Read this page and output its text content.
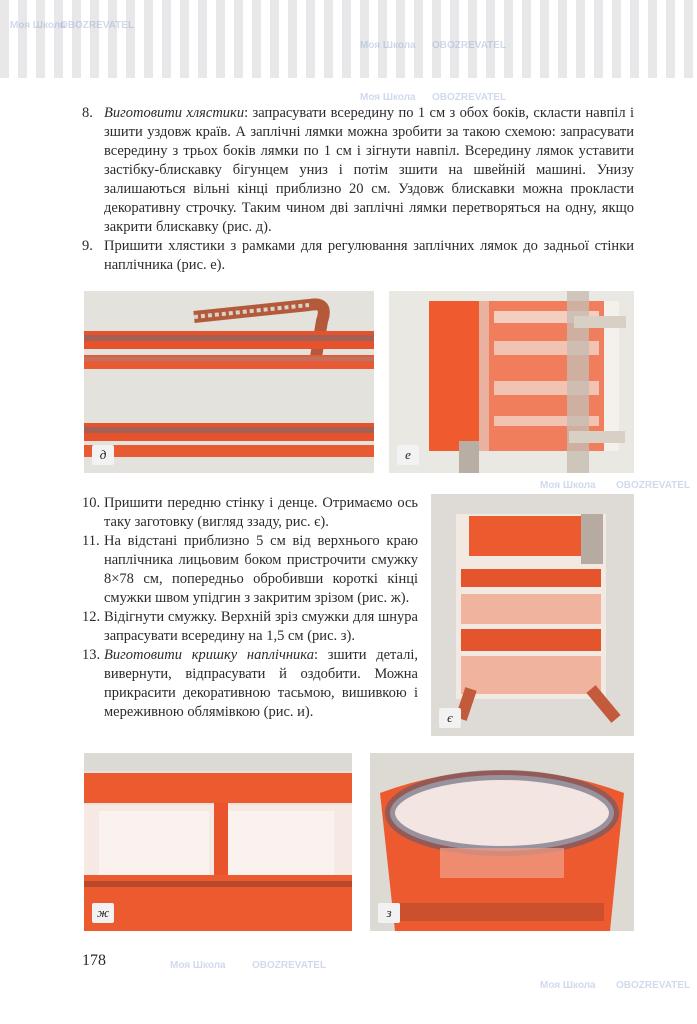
8. Виготовити хлястики: запрасувати всередину по 1 см з обох боків, скласти навпіл і зшити уздовж країв. А заплічні лямки можна зробити за такою схемою: запрасувати всередину з трьох боків лямки по 1 см і зігнути навпіл. Всередину лямок уставити застібку-блискавку бігунцем униз і потім зшити на швейній машині. Унизу залишаються вільні кінці приблизно 20 см. Уздовж блискавки можна прокласти декоративну строчку. Таким чином дві заплічні лямки перетворяться на одну, якщо закрити блискавку (рис. д).
9. Пришити хлястики з рамками для регулювання заплічних лямок до задньої стінки наплічника (рис. е).
д	е
10. Пришити передню стінку і денце. Отримаємо ось таку заготовку (вигляд ззаду, рис. є).
11. На відстані приблизно 5 см від верхнього краю наплічника лицьовим боком пристрочити смужку 8×78 см, попередньо обробивши короткі кінці смужки швом упідгин з закритим зрізом (рис. ж).
12. Відігнути смужку. Верхній зріз смужки для шнура запрасувати всередину на 1,5 см (рис. з).
13. Виготовити кришку наплічника: зшити деталі, вивернути, відпрасувати й оздобити. Можна прикрасити декоративною тасьмою, вишивкою і мереживною облямівкою (рис. и).	є
ж	з
178
Моя Школа
OBOZREVATEL
Моя Школа OBOZREVATEL
Моя Школа OBOZREVATEL
Моя Школа OBOZREVATEL
Моя Школа	OBOZREVATEL
Моя Школа OBOZREVATEL
